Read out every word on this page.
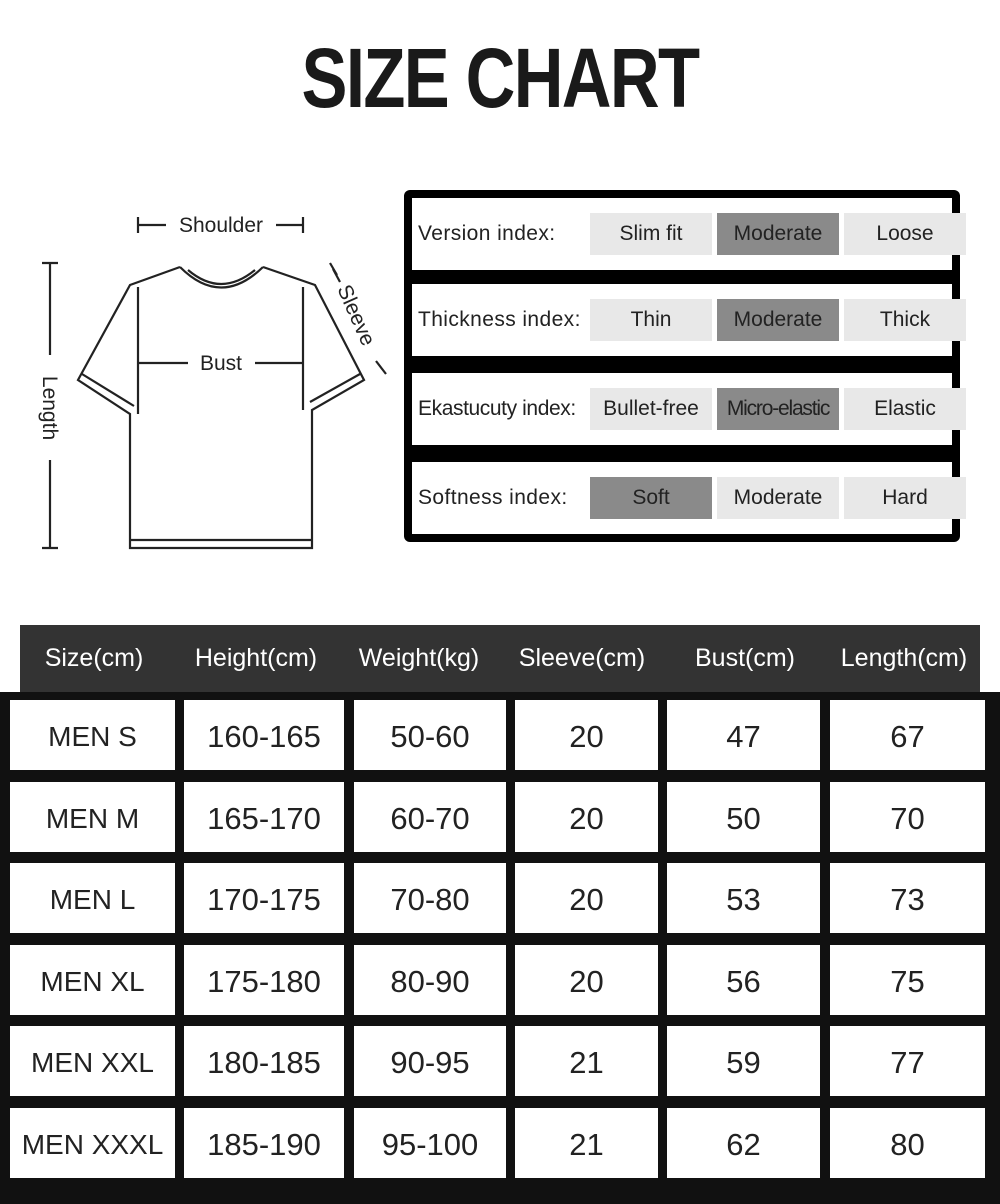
SIZE CHART
Shoulder
Bust
Length
Sleeve
Version index:	Slim fit	Moderate	Loose
Thickness index:	Thin	Moderate	Thick
Ekastucuty index:	Bullet-free	Micro-elastic	Elastic
Softness index:	Soft	Moderate	Hard
Size(cm)	Height(cm)	Weight(kg)	Sleeve(cm)	Bust(cm)	Length(cm)
MEN S	160-165	50-60	20	47	67
MEN M	165-170	60-70	20	50	70
MEN L	170-175	70-80	20	53	73
MEN XL	175-180	80-90	20	56	75
MEN XXL	180-185	90-95	21	59	77
MEN XXXL	185-190	95-100	21	62	80
